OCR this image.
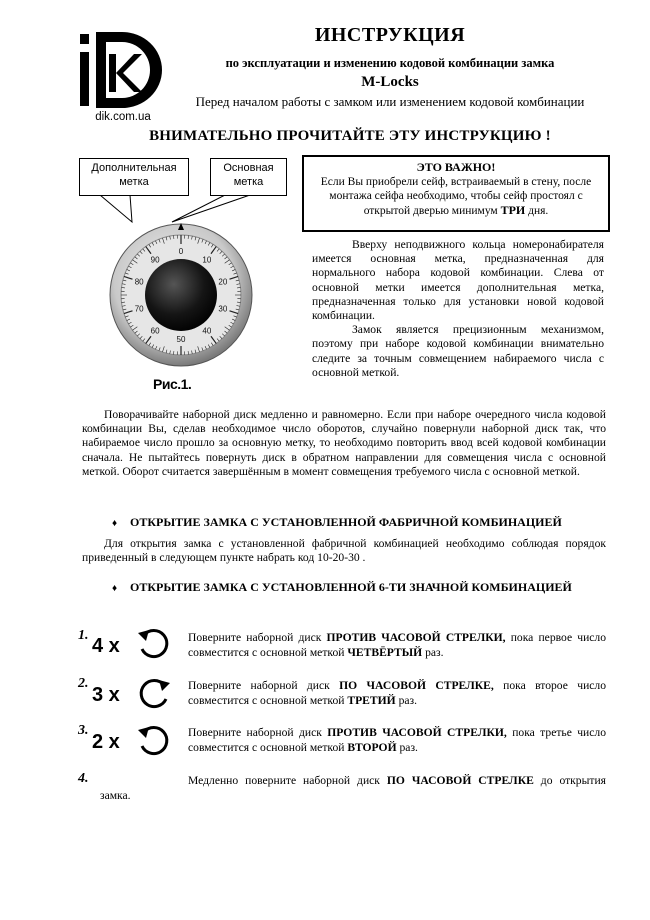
dik.com.ua
ИНСТРУКЦИЯ
по эксплуатации и изменению кодовой комбинации замка
M-Locks
Перед началом работы с замком или изменением кодовой комбинации
ВНИМАТЕЛЬНО ПРОЧИТАЙТЕ ЭТУ ИНСТРУКЦИЮ !
Дополнительная метка
Основная метка
ЭТО ВАЖНО!
Если Вы приобрели сейф, встраиваемый в стену, после монтажа сейфа необходимо, чтобы сейф простоял с открытой дверью минимум ТРИ дня.
0
10
20
30
40
50
60
70
80
90
Рис.1.

Вверху неподвижного кольца номеронабирателя имеется основная метка, предназначенная для нормального набора кодовой комбинации. Слева от основной метки имеется дополнительная метка, предназначенная только для установки новой кодовой комбинации.

Замок является прецизионным механизмом, поэтому при наборе кодовой комбинации внимательно следите за точным совмещением набираемого числа с основной меткой.

Поворачивайте наборной диск медленно и равномерно. Если при наборе очередного числа кодовой комбинации Вы, сделав необходимое число оборотов, случайно повернули наборной диск так, что набираемое число прошло за основную метку, то необходимо повторить ввод всей кодовой комбинации сначала. Не пытайтесь повернуть диск в обратном направлении для совмещения числа с основной меткой. Оборот считается завершённым в момент совмещения требуемого числа с основной меткой.
♦ ОТКРЫТИЕ ЗАМКА С УСТАНОВЛЕННОЙ ФАБРИЧНОЙ КОМБИНАЦИЕЙ
Для открытия замка с установленной фабричной комбинацией необходимо соблюдая порядок приведенный в следующем пункте набрать код 10-20-30 .
♦ ОТКРЫТИЕ ЗАМКА С УСТАНОВЛЕННОЙ 6-ТИ ЗНАЧНОЙ КОМБИНАЦИЕЙ
1. 4 x	Поверните наборной диск ПРОТИВ ЧАСОВОЙ СТРЕЛКИ, пока первое число совместится с основной меткой ЧЕТВЁРТЫЙ раз.
2.
3 x	Поверните наборной диск ПО ЧАСОВОЙ СТРЕЛКЕ, пока второе число совместится с основной меткой ТРЕТИЙ раз.
3.
2 x	Поверните наборной диск ПРОТИВ ЧАСОВОЙ СТРЕЛКИ, пока третье число совместится с основной меткой ВТОРОЙ раз.
4.	Медленно поверните наборной диск ПО ЧАСОВОЙ СТРЕЛКЕ до открытия замка.
